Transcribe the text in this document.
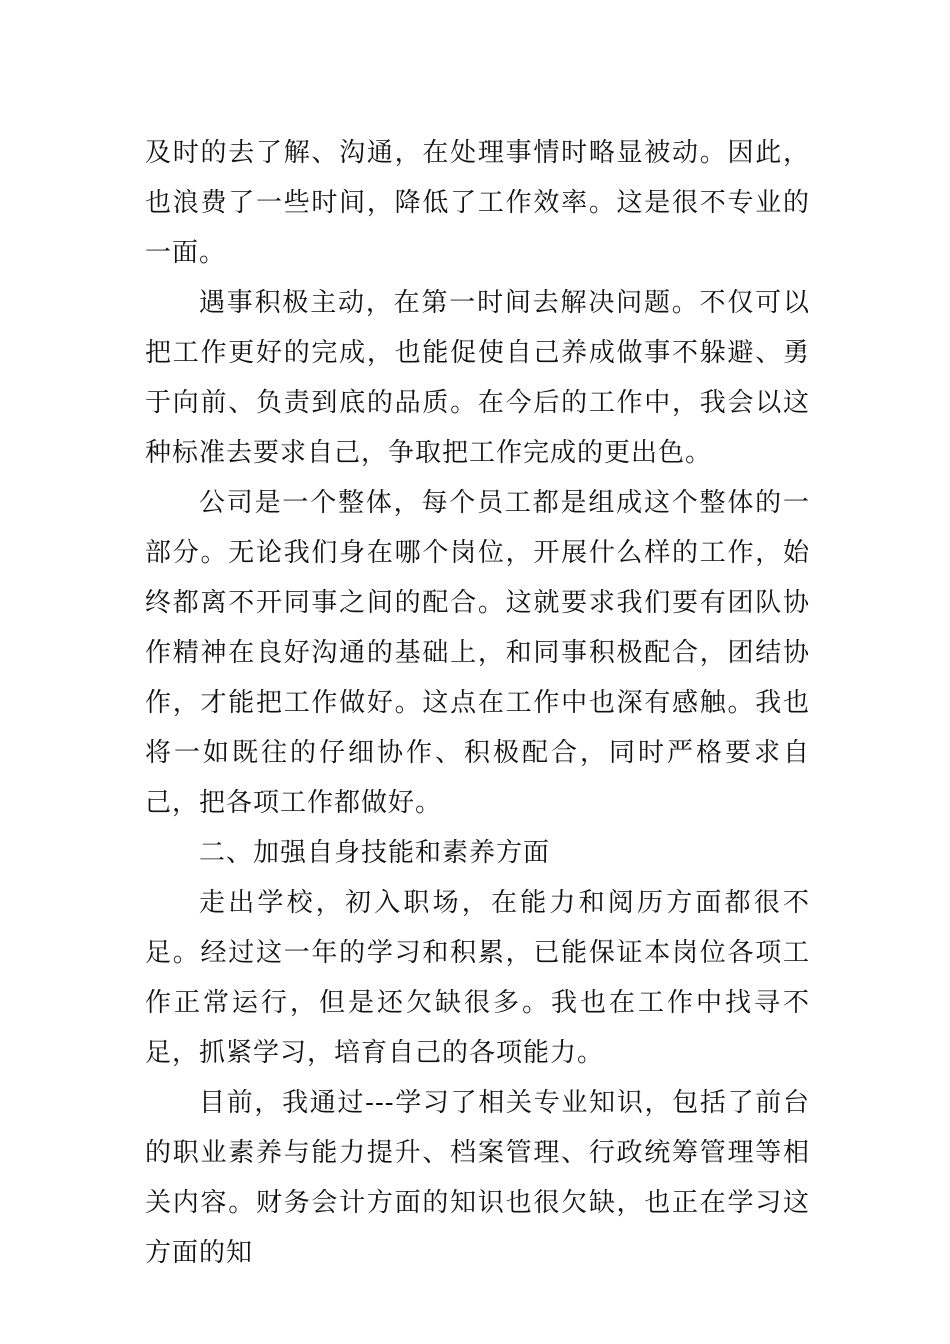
及时的去了解、沟通，在处理事情时略显被动。因此，也浪费了一些时间，降低了工作效率。这是很不专业的一面。

遇事积极主动，在第一时间去解决问题。不仅可以把工作更好的完成，也能促使自己养成做事不躲避、勇于向前、负责到底的品质。在今后的工作中，我会以这种标准去要求自己，争取把工作完成的更出色。

公司是一个整体，每个员工都是组成这个整体的一部分。无论我们身在哪个岗位，开展什么样的工作，始终都离不开同事之间的配合。这就要求我们要有团队协作精神在良好沟通的基础上，和同事积极配合，团结协作，才能把工作做好。这点在工作中也深有感触。我也将一如既往的仔细协作、积极配合，同时严格要求自己，把各项工作都做好。

二、加强自身技能和素养方面

走出学校，初入职场，在能力和阅历方面都很不足。经过这一年的学习和积累，已能保证本岗位各项工作正常运行，但是还欠缺很多。我也在工作中找寻不足，抓紧学习，培育自己的各项能力。

目前，我通过---学习了相关专业知识，包括了前台的职业素养与能力提升、档案管理、行政统筹管理等相关内容。财务会计方面的知识也很欠缺，也正在学习这方面的知
